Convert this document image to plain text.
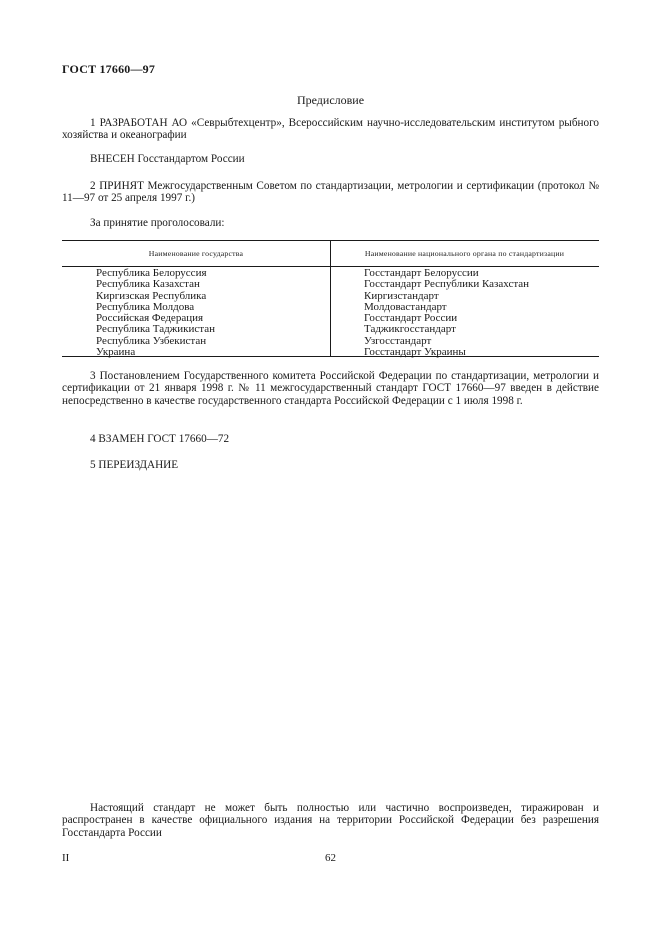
ГОСТ 17660—97
Предисловие
1 РАЗРАБОТАН АО «Севрыбтехцентр», Всероссийским научно-исследовательским институтом рыбного хозяйства и океанографии
ВНЕСЕН Госстандартом России
2 ПРИНЯТ Межгосударственным Советом по стандартизации, метрологии и сертификации (протокол № 11—97 от 25 апреля 1997 г.)
За принятие проголосовали:
Наименование государства	Наименование национального органа по стандартизации
Республика Белоруссия
Республика Казахстан
Киргизская Республика
Республика Молдова
Российская Федерация
Республика Таджикистан
Республика Узбекистан
Украина
Госстандарт Белоруссии
Госстандарт Республики Казахстан
Киргизстандарт
Молдовастандарт
Госстандарт России
Таджикгосстандарт
Узгосстандарт
Госстандарт Украины
3 Постановлением Государственного комитета Российской Федерации по стандартизации, метрологии и сертификации от 21 января 1998 г. № 11 межгосударственный стандарт ГОСТ 17660—97 введен в действие непосредственно в качестве государственного стандарта Российской Федерации с 1 июля 1998 г.
4 ВЗАМЕН ГОСТ 17660—72
5 ПЕРЕИЗДАНИЕ
Настоящий стандарт не может быть полностью или частично воспроизведен, тиражирован и распространен в качестве официального издания на территории Российской Федерации без разрешения Госстандарта России
II	62
